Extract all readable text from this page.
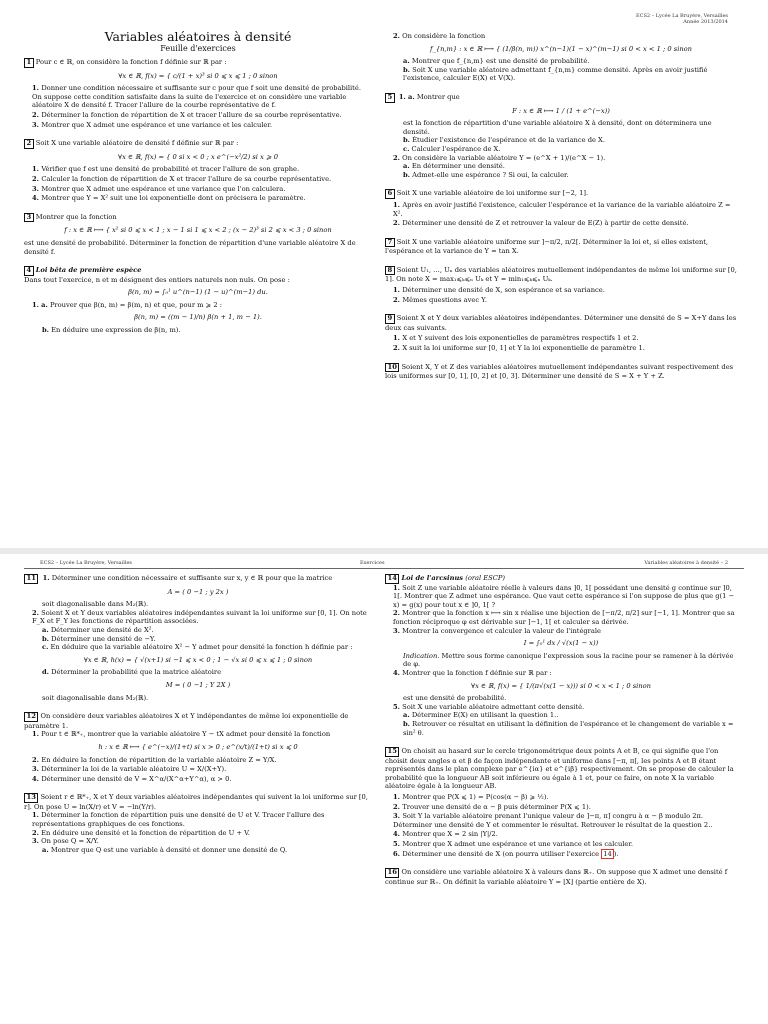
ECS2 – Lycée La Bruyère, Versailles
Année 2013/2014
Variables aléatoires à densité
Feuille d'exercices
1 Pour c ∈ ℝ, on considère la fonction f définie sur ℝ par :
∀x ∈ ℝ, f(x) = { c/(1 + x)³ si 0 ⩽ x ⩽ 1 ; 0 sinon
1. Donner une condition nécessaire et suffisante sur c pour que f soit une densité de probabilité. On suppose cette condition satisfaite dans la suite de l'exercice et on considère une variable aléatoire X de densité f. Tracer l'allure de la courbe représentative de f.
2. Déterminer la fonction de répartition de X et tracer l'allure de sa courbe représentative.
3. Montrer que X admet une espérance et une variance et les calculer.
2 Soit X une variable aléatoire de densité f définie sur ℝ par :
∀x ∈ ℝ, f(x) = { 0 si x < 0 ; x e^(−x²/2) si x ⩾ 0
1. Vérifier que f est une densité de probabilité et tracer l'allure de son graphe.
2. Calculer la fonction de répartition de X et tracer l'allure de sa courbe représentative.
3. Montrer que X admet une espérance et une variance que l'on calculera.
4. Montrer que Y = X² suit une loi exponentielle dont on précisera le paramètre.
3 Montrer que la fonction
f : x ∈ ℝ ⟼ { x² si 0 ⩽ x < 1 ; x − 1 si 1 ⩽ x < 2 ; (x − 2)³ si 2 ⩽ x < 3 ; 0 sinon
est une densité de probabilité. Déterminer la fonction de répartition d'une variable aléatoire X de densité f.
4 Loi bêta de première espèce
Dans tout l'exercice, n et m désignent des entiers naturels non nuls. On pose :
β(n, m) = ∫₀¹ u^(n−1) (1 − u)^(m−1) du.
1. a. Prouver que β(n, m) = β(m, n) et que, pour m ⩾ 2 :
β(n, m) = ((m − 1)/n) β(n + 1, m − 1).
b. En déduire une expression de β(n, m).
2. On considère la fonction
f_{n,m} : x ∈ ℝ ⟼ { (1/β(n, m)) x^(n−1)(1 − x)^(m−1) si 0 < x < 1 ; 0 sinon
a. Montrer que f_{n,m} est une densité de probabilité.
b. Soit X une variable aléatoire admettant f_{n,m} comme densité. Après en avoir justifié l'existence, calculer E(X) et V(X).
5 1. a. Montrer que
F : x ∈ ℝ ⟼ 1 / (1 + e^(−x))
est la fonction de répartition d'une variable aléatoire X à densité, dont on déterminera une densité.
b. Étudier l'existence de l'espérance et de la variance de X.
c. Calculer l'espérance de X.
2. On considère la variable aléatoire Y = (e^X + 1)/(e^X − 1).
a. En déterminer une densité.
b. Admet-elle une espérance ? Si oui, la calculer.
6 Soit X une variable aléatoire de loi uniforme sur [−2, 1].
1. Après en avoir justifié l'existence, calculer l'espérance et la variance de la variable aléatoire Z = X².
2. Déterminer une densité de Z et retrouver la valeur de E(Z) à partir de cette densité.
7 Soit X une variable aléatoire uniforme sur ]−π/2, π/2[. Déterminer la loi et, si elles existent, l'espérance et la variance de Y = tan X.
8 Soient U₁, …, Uₙ des variables aléatoires mutuellement indépendantes de même loi uniforme sur [0, 1]. On note X = max₁⩽ₖ⩽ₙ Uₖ et Y = min₁⩽ₖ⩽ₙ Uₖ.
1. Déterminer une densité de X, son espérance et sa variance.
2. Mêmes questions avec Y.
9 Soient X et Y deux variables aléatoires indépendantes. Déterminer une densité de S = X+Y dans les deux cas suivants.
1. X et Y suivent des lois exponentielles de paramètres respectifs 1 et 2.
2. X suit la loi uniforme sur [0, 1] et Y la loi exponentielle de paramètre 1.
10 Soient X, Y et Z des variables aléatoires mutuellement indépendantes suivant respectivement des lois uniformes sur [0, 1], [0, 2] et [0, 3]. Déterminer une densité de S = X + Y + Z.
ECS2 – Lycée La Bruyère, Versailles	Exercices	Variables aléatoires à densité – 2
11 1. Déterminer une condition nécessaire et suffisante sur x, y ∈ ℝ pour que la matrice
A = ( 0 −1 ; y 2x )
soit diagonalisable dans M₂(ℝ).
2. Soient X et Y deux variables aléatoires indépendantes suivant la loi uniforme sur [0, 1]. On note F_X et F_Y les fonctions de répartition associées.
a. Déterminer une densité de X².
b. Déterminer une densité de −Y.
c. En déduire que la variable aléatoire X² − Y admet pour densité la fonction h définie par :
∀x ∈ ℝ, h(x) = { √(x+1) si −1 ⩽ x < 0 ; 1 − √x si 0 ⩽ x ⩽ 1 ; 0 sinon
d. Déterminer la probabilité que la matrice aléatoire
M = ( 0 −1 ; Y 2X )
soit diagonalisable dans M₂(ℝ).
12 On considère deux variables aléatoires X et Y indépendantes de même loi exponentielle de paramètre 1.
1. Pour t ∈ ℝ*₊, montrer que la variable aléatoire Y − tX admet pour densité la fonction
h : x ∈ ℝ ⟼ { e^(−x)/(1+t) si x > 0 ; e^(x/t)/(1+t) si x ⩽ 0
2. En déduire la fonction de répartition de la variable aléatoire Z = Y/X.
3. Déterminer la loi de la variable aléatoire U = X/(X+Y).
4. Déterminer une densité de V = X^α/(X^α+Y^α), α > 0.
13 Soient r ∈ ℝ*₊, X et Y deux variables aléatoires indépendantes qui suivent la loi uniforme sur [0, r]. On pose U = ln(X/r) et V = −ln(Y/r).
1. Déterminer la fonction de répartition puis une densité de U et V. Tracer l'allure des représentations graphiques de ces fonctions.
2. En déduire une densité et la fonction de répartition de U + V.
3. On pose Q = X/Y.
a. Montrer que Q est une variable à densité et donner une densité de Q.
14 Loi de l'arcsinus (oral ESCP)
1. Soit Z une variable aléatoire réelle à valeurs dans ]0, 1[ possédant une densité g continue sur ]0, 1[. Montrer que Z admet une espérance. Que vaut cette espérance si l'on suppose de plus que g(1 − x) = g(x) pour tout x ∈ ]0, 1[ ?
2. Montrer que la fonction x ⟼ sin x réalise une bijection de [−π/2, π/2] sur [−1, 1]. Montrer que sa fonction réciproque φ est dérivable sur ]−1, 1[ et calculer sa dérivée.
3. Montrer la convergence et calculer la valeur de l'intégrale
I = ∫₀¹ dx / √(x(1 − x))
Indication. Mettre sous forme canonique l'expression sous la racine pour se ramener à la dérivée de φ.
4. Montrer que la fonction f définie sur ℝ par :
∀x ∈ ℝ, f(x) = { 1/(π√(x(1 − x))) si 0 < x < 1 ; 0 sinon
est une densité de probabilité.
5. Soit X une variable aléatoire admettant cette densité.
a. Déterminer E(X) en utilisant la question 1..
b. Retrouver ce résultat en utilisant la définition de l'espérance et le changement de variable x = sin² θ.
15 On choisit au hasard sur le cercle trigonométrique deux points A et B, ce qui signifie que l'on choisit deux angles α et β de façon indépendante et uniforme dans [−π, π[, les points A et B étant représentés dans le plan complexe par e^{iα} et e^{iβ} respectivement. On se propose de calculer la probabilité que la longueur AB soit inférieure ou égale à 1 et, pour ce faire, on note X la variable aléatoire égale à la longueur AB.
1. Montrer que P(X ⩽ 1) = P(cos(α − β) ⩾ ½).
2. Trouver une densité de α − β puis déterminer P(X ⩽ 1).
3. Soit Y la variable aléatoire prenant l'unique valeur de ]−π, π] congru à α − β modulo 2π. Déterminer une densité de Y et commenter le résultat. Retrouver le résultat de la question 2..
4. Montrer que X = 2 sin |Y|/2.
5. Montrer que X admet une espérance et une variance et les calculer.
6. Déterminer une densité de X (on pourra utiliser l'exercice 14 ).
16 On considère une variable aléatoire X à valeurs dans ℝ₊. On suppose que X admet une densité f continue sur ℝ₊. On définit la variable aléatoire Y = ⌊X⌋ (partie entière de X).
